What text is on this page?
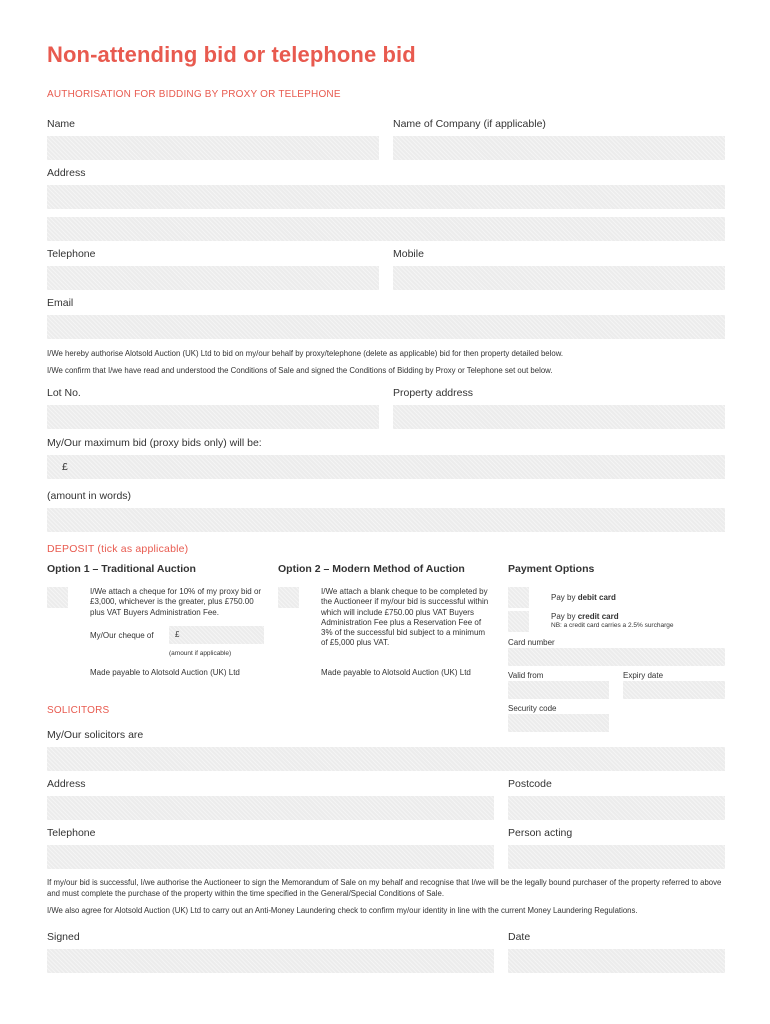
Non-attending bid or telephone bid
AUTHORISATION FOR BIDDING BY PROXY OR TELEPHONE
Name	Name of Company (if applicable)
Address
Telephone	Mobile
Email
I/We hereby authorise Alotsold Auction (UK) Ltd to bid on my/our behalf by proxy/telephone (delete as applicable) bid for then property detailed below.
I/We confirm that I/we have read and understood the Conditions of Sale and signed the Conditions of Bidding by Proxy or Telephone set out below.
Lot No.	Property address
My/Our maximum bid (proxy bids only) will be:
£
(amount in words)
DEPOSIT (tick as applicable)
Option 1 – Traditional Auction
I/We attach a cheque for 10% of my proxy bid or £3,000, whichever is the greater, plus £750.00 plus VAT Buyers Administration Fee.
My/Our cheque of	£
(amount if applicable)
Made payable to Alotsold Auction (UK) Ltd
Option 2 – Modern Method of Auction
I/We attach a blank cheque to be completed by the Auctioneer if my/our bid is successful within which will include £750.00 plus VAT Buyers Administration Fee plus a Reservation Fee of 3% of the successful bid subject to a minimum of £5,000 plus VAT.
Made payable to Alotsold Auction (UK) Ltd
Payment Options
Pay by debit card
Pay by credit card
NB: a credit card carries a 2.5% surcharge
Card number
Valid from	Expiry date
Security code
SOLICITORS
My/Our solicitors are
Address	Postcode
Telephone	Person acting
If my/our bid is successful, I/we authorise the Auctioneer to sign the Memorandum of Sale on my behalf and recognise that I/we will be the legally bound purchaser of the property referred to above and must complete the purchase of the property within the time specified in the General/Special Conditions of Sale.
I/We also agree for Alotsold Auction (UK) Ltd to carry out an Anti-Money Laundering check to confirm my/our identity in line with the current Money Laundering Regulations.
Signed	Date
